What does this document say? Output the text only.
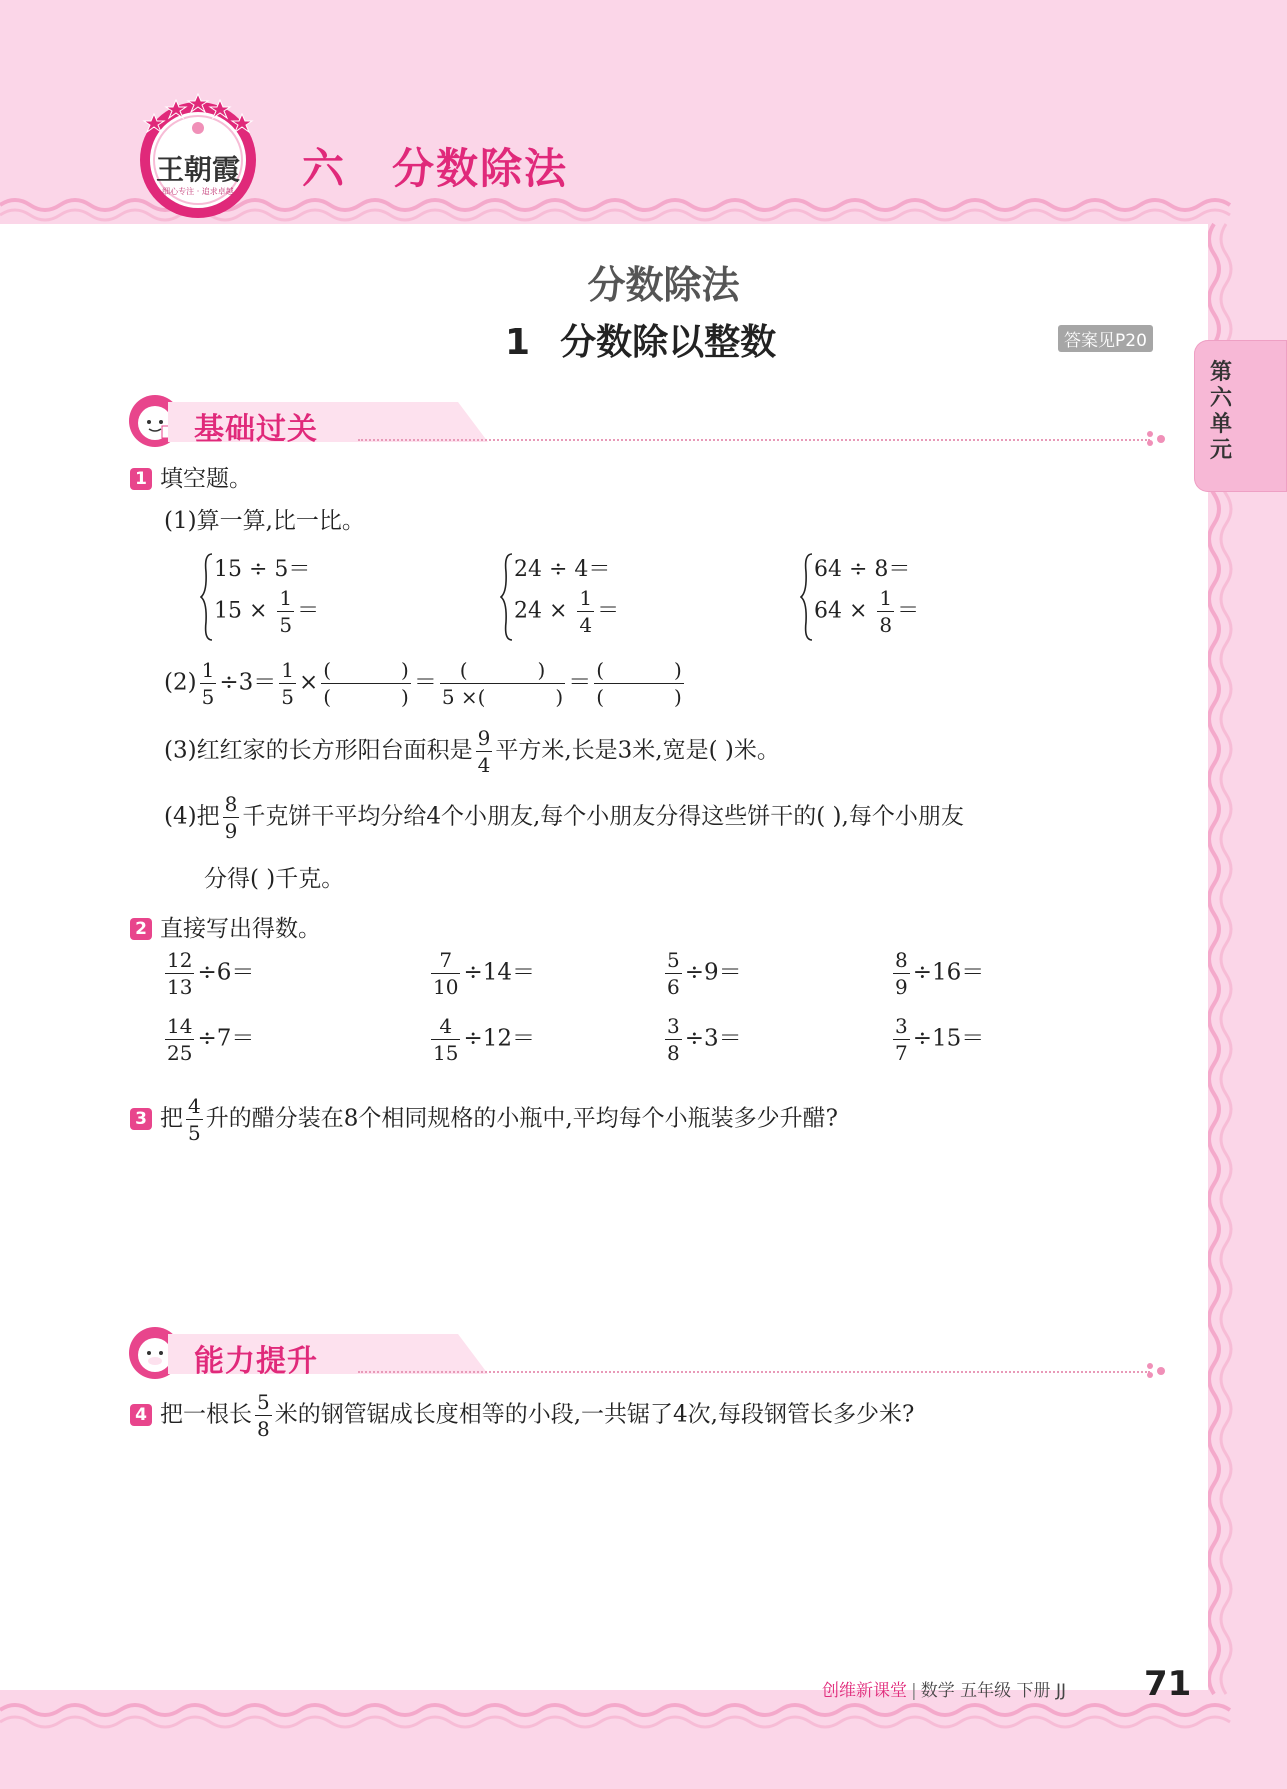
王朝霞
细心专注 · 追求卓越 六 分数除法
第六单元
分数除法
1 分数除以整数	答案见P20
基础过关
1 填空题。
(1)算一算,比一比。
15 ÷ 5＝
$15 \times \frac{1}{5}$ ＝
24 ÷ 4＝
$24 \times \frac{1}{4}$ ＝
64 ÷ 8＝
$64 \times \frac{1}{8}$ ＝
$(2) \frac{1}{5} \div 3= \frac{1}{5} \times \frac{( )}{( )} = \frac{( )}{5 \times( )} = \frac{( )}{( )}$
(3)红红家的长方形阳台面积是 $\frac{9}{4}$ 平方米,长是3米,宽是( )米。
(4)把 $\frac{8}{9}$ 千克饼干平均分给4个小朋友,每个小朋友分得这些饼干的( ),每个小朋友
分得( )千克。
2 直接写出得数。
$\frac{12}{13} \div 6=$	$\frac{7}{10} \div 14=$	$\frac{5}{6} \div 9=$	$\frac{8}{9} \div 16=$
$\frac{14}{25} \div 7=$	$\frac{4}{15} \div 12=$	$\frac{3}{8} \div 3=$	$\frac{3}{7} \div 15=$
3 把 $\frac{4}{5}$ 升的醋分装在8个相同规格的小瓶中,平均每个小瓶装多少升醋?
能力提升
4 把一根长 $\frac{5}{8}$ 米的钢管锯成长度相等的小段,一共锯了4次,每段钢管长多少米?
创维新课堂 | 数学 五年级 下册 JJ 71
